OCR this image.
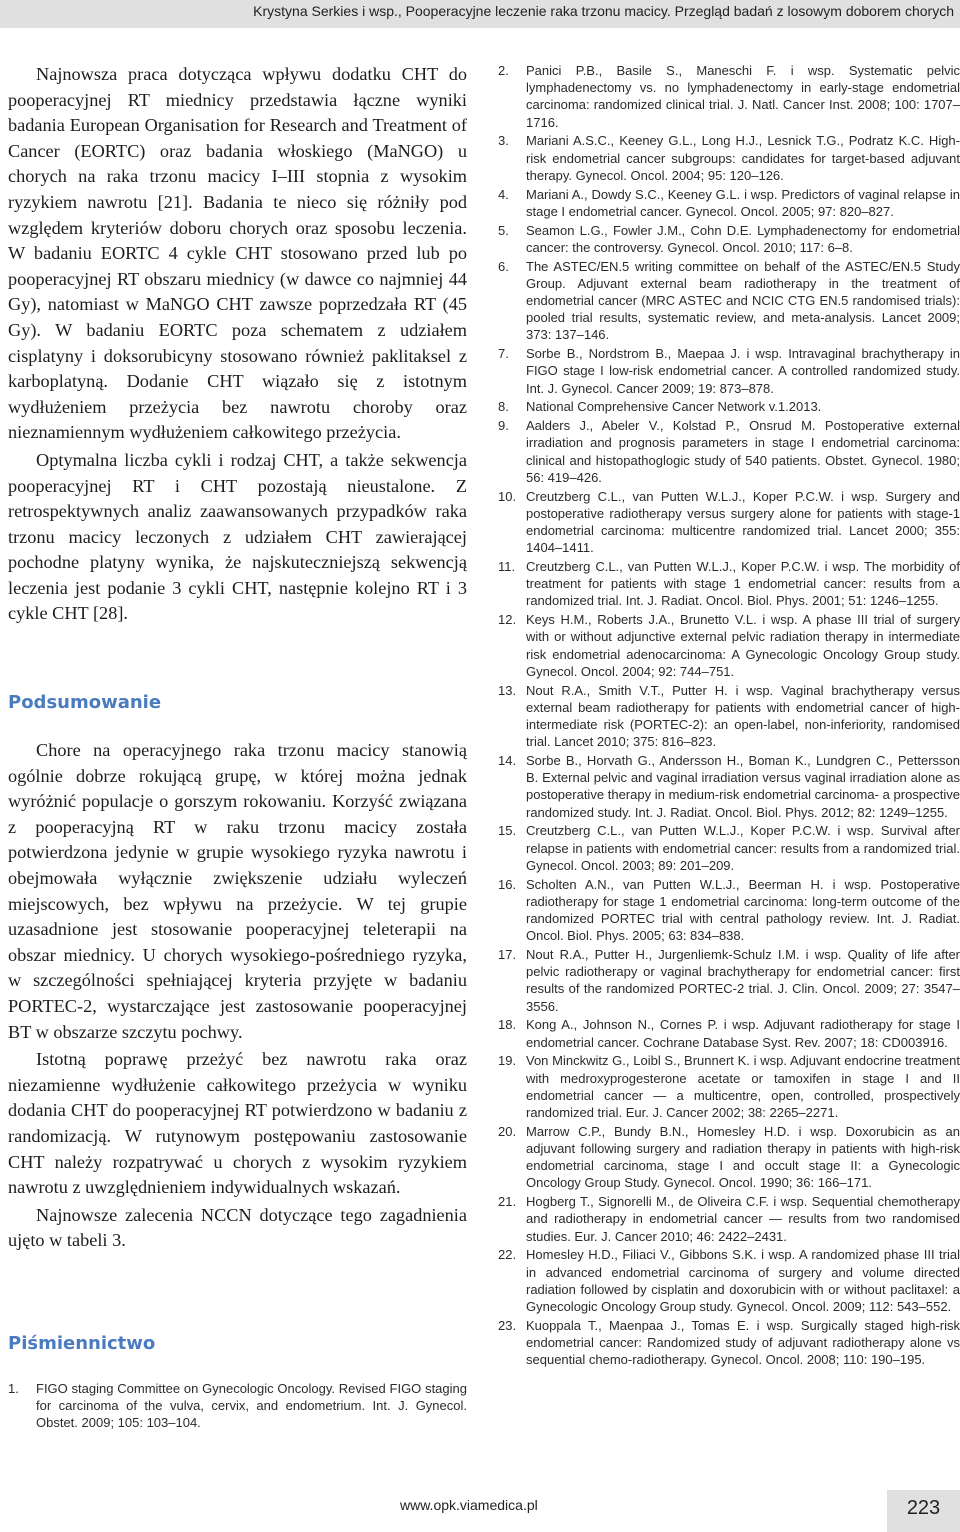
Krystyna Serkies i wsp., Pooperacyjne leczenie raka trzonu macicy. Przegląd badań z losowym doborem chorych

Najnowsza praca dotycząca wpływu dodatku CHT do pooperacyjnej RT miednicy przedstawia łączne wyniki badania European Organisation for Research and Treatment of Cancer (EORTC) oraz badania włoskiego (MaNGO) u chorych na raka trzonu macicy I–III stopnia z wysokim ryzykiem nawrotu [21]. Badania te nieco się różniły pod względem kryteriów doboru chorych oraz sposobu leczenia. W badaniu EORTC 4 cykle CHT stosowano przed lub po pooperacyjnej RT obszaru miednicy (w dawce co najmniej 44 Gy), natomiast w MaNGO CHT zawsze poprzedzała RT (45 Gy). W badaniu EORTC poza schematem z udziałem cisplatyny i doksorubicyny stosowano również paklitaksel z karboplatyną. Dodanie CHT wiązało się z istotnym wydłużeniem przeżycia bez nawrotu choroby oraz nieznamiennym wydłużeniem całkowitego przeżycia.

Optymalna liczba cykli i rodzaj CHT, a także sekwencja pooperacyjnej RT i CHT pozostają nieustalone. Z retrospektywnych analiz zaawansowanych przypadków raka trzonu macicy leczonych z udziałem CHT zawierającej pochodne platyny wynika, że najskuteczniejszą sekwencją leczenia jest podanie 3 cykli CHT, następnie kolejno RT i 3 cykle CHT [28].

Podsumowanie

Chore na operacyjnego raka trzonu macicy stanowią ogólnie dobrze rokującą grupę, w której można jednak wyróżnić populacje o gorszym rokowaniu. Korzyść związana z pooperacyjną RT w raku trzonu macicy została potwierdzona jedynie w grupie wysokiego ryzyka nawrotu i obejmowała wyłącznie zwiększenie udziału wyleczeń miejscowych, bez wpływu na przeżycie. W tej grupie uzasadnione jest stosowanie pooperacyjnej teleterapii na obszar miednicy. U chorych wysokiego-pośredniego ryzyka, w szczególności spełniającej kryteria przyjęte w badaniu PORTEC-2, wystarczające jest zastosowanie pooperacyjnej BT w obszarze szczytu pochwy.

Istotną poprawę przeżyć bez nawrotu raka oraz niezamienne wydłużenie całkowitego przeżycia w wyniku dodania CHT do pooperacyjnej RT potwierdzono w badaniu z randomizacją. W rutynowym postępowaniu zastosowanie CHT należy rozpatrywać u chorych z wysokim ryzykiem nawrotu z uwzględnieniem indywidualnych wskazań.

Najnowsze zalecenia NCCN dotyczące tego zagadnienia ujęto w tabeli 3.

Piśmiennictwo
1.	FIGO staging Committee on Gynecologic Oncology. Revised FIGO staging for carcinoma of the vulva, cervix, and endometrium. Int. J. Gynecol. Obstet. 2009; 105: 103–104.
2.	Panici P.B., Basile S., Maneschi F. i wsp. Systematic pelvic lymphadenectomy vs. no lymphadenectomy in early-stage endometrial carcinoma: randomized clinical trial. J. Natl. Cancer Inst. 2008; 100: 1707–1716.
3.	Mariani A.S.C., Keeney G.L., Long H.J., Lesnick T.G., Podratz K.C. High-risk endometrial cancer subgroups: candidates for target-based adjuvant therapy. Gynecol. Oncol. 2004; 95: 120–126.
4.	Mariani A., Dowdy S.C., Keeney G.L. i wsp. Predictors of vaginal relapse in stage I endometrial cancer. Gynecol. Oncol. 2005; 97: 820–827.
5.	Seamon L.G., Fowler J.M., Cohn D.E. Lymphadenectomy for endometrial cancer: the controversy. Gynecol. Oncol. 2010; 117: 6–8.
6.	The ASTEC/EN.5 writing committee on behalf of the ASTEC/EN.5 Study Group. Adjuvant external beam radiotherapy in the treatment of endometrial cancer (MRC ASTEC and NCIC CTG EN.5 randomised trials): pooled trial results, systematic review, and meta-analysis. Lancet 2009; 373: 137–146.
7.	Sorbe B., Nordstrom B., Maepaa J. i wsp. Intravaginal brachytherapy in FIGO stage I low-risk endometrial cancer. A controlled randomized study. Int. J. Gynecol. Cancer 2009; 19: 873–878.
8.	National Comprehensive Cancer Network v.1.2013.
9.	Aalders J., Abeler V., Kolstad P., Onsrud M. Postoperative external irradiation and prognosis parameters in stage I endometrial carcinoma: clinical and histopathoglogic study of 540 patients. Obstet. Gynecol. 1980; 56: 419–426.
10. Creutzberg C.L., van Putten W.L.J., Koper P.C.W. i wsp. Surgery and postoperative radiotherapy versus surgery alone for patients with stage-1 endometrial carcinoma: multicentre randomized trial. Lancet 2000; 355: 1404–1411.
11. Creutzberg C.L., van Putten W.L.J., Koper P.C.W. i wsp. The morbidity of treatment for patients with stage 1 endometrial cancer: results from a randomized trial. Int. J. Radiat. Oncol. Biol. Phys. 2001; 51: 1246–1255.
12. Keys H.M., Roberts J.A., Brunetto V.L. i wsp. A phase III trial of surgery with or without adjunctive external pelvic radiation therapy in intermediate risk endometrial adenocarcinoma: A Gynecologic Oncology Group study. Gynecol. Oncol. 2004; 92: 744–751.
13. Nout R.A., Smith V.T., Putter H. i wsp. Vaginal brachytherapy versus external beam radiotherapy for patients with endometrial cancer of high-intermediate risk (PORTEC-2): an open-label, non-inferiority, randomised trial. Lancet 2010; 375: 816–823.
14. Sorbe B., Horvath G., Andersson H., Boman K., Lundgren C., Pettersson B. External pelvic and vaginal irradiation versus vaginal irradiation alone as postoperative therapy in medium-risk endometrial carcinoma- a prospective randomized study. Int. J. Radiat. Oncol. Biol. Phys. 2012; 82: 1249–1255.
15. Creutzberg C.L., van Putten W.L.J., Koper P.C.W. i wsp. Survival after relapse in patients with endometrial cancer: results from a randomized trial. Gynecol. Oncol. 2003; 89: 201–209.
16. Scholten A.N., van Putten W.L.J., Beerman H. i wsp. Postoperative radiotherapy for stage 1 endometrial carcinoma: long-term outcome of the randomized PORTEC trial with central pathology review. Int. J. Radiat. Oncol. Biol. Phys. 2005; 63: 834–838.
17. Nout R.A., Putter H., Jurgenliemk-Schulz I.M. i wsp. Quality of life after pelvic radiotherapy or vaginal brachytherapy for endometrial cancer: first results of the randomized PORTEC-2 trial. J. Clin. Oncol. 2009; 27: 3547–3556.
18. Kong A., Johnson N., Cornes P. i wsp. Adjuvant radiotherapy for stage I endometrial cancer. Cochrane Database Syst. Rev. 2007; 18: CD003916.
19. Von Minckwitz G., Loibl S., Brunnert K. i wsp. Adjuvant endocrine treatment with medroxyprogesterone acetate or tamoxifen in stage I and II endometrial cancer — a multicentre, open, controlled, prospectively randomized trial. Eur. J. Cancer 2002; 38: 2265–2271.
20. Marrow C.P., Bundy B.N., Homesley H.D. i wsp. Doxorubicin as an adjuvant following surgery and radiation therapy in patients with high-risk endometrial carcinoma, stage I and occult stage II: a Gynecologic Oncology Group Study. Gynecol. Oncol. 1990; 36: 166–171.
21. Hogberg T., Signorelli M., de Oliveira C.F. i wsp. Sequential chemotherapy and radiotherapy in endometrial cancer — results from two randomised studies. Eur. J. Cancer 2010; 46: 2422–2431.
22. Homesley H.D., Filiaci V., Gibbons S.K. i wsp. A randomized phase III trial in advanced endometrial carcinoma of surgery and volume directed radiation followed by cisplatin and doxorubicin with or without paclitaxel: a Gynecologic Oncology Group study. Gynecol. Oncol. 2009; 112: 543–552.
23. Kuoppala T., Maenpaa J., Tomas E. i wsp. Surgically staged high-risk endometrial cancer: Randomized study of adjuvant radiotherapy alone vs sequential chemo-radiotherapy. Gynecol. Oncol. 2008; 110: 190–195.
www.opk.viamedica.pl	223
